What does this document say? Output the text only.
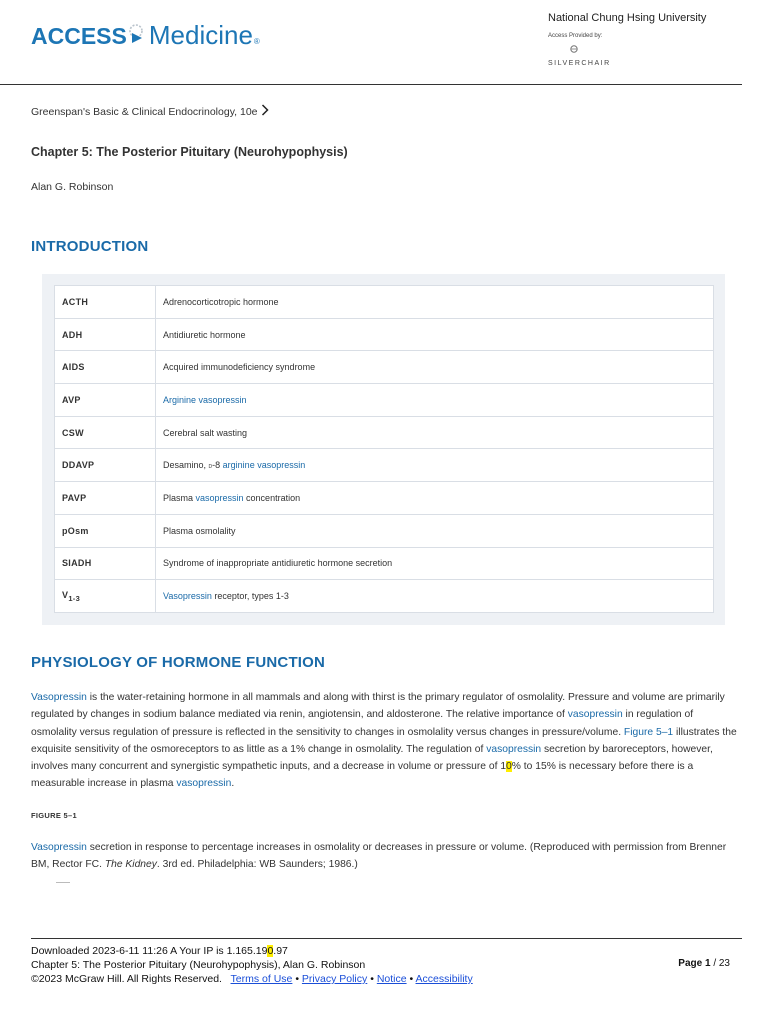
ACCESS Medicine ®
National Chung Hsing University
Access Provided by:
SILVERCHAIR
Greenspan's Basic & Clinical Endocrinology, 10e
Chapter 5: The Posterior Pituitary (Neurohypophysis)
Alan G. Robinson
INTRODUCTION
ACTH	Adrenocorticotropic hormone
ADH	Antidiuretic hormone
AIDS	Acquired immunodeficiency syndrome
AVP	Arginine vasopressin
CSW	Cerebral salt wasting
DDAVP	Desamino, d-8 arginine vasopressin
PAVP	Plasma vasopressin concentration
pOsm	Plasma osmolality
SIADH	Syndrome of inappropriate antidiuretic hormone secretion
$V_{1-3}$	Vasopressin receptor, types 1-3
PHYSIOLOGY OF HORMONE FUNCTION
Vasopressin is the water-retaining hormone in all mammals and along with thirst is the primary regulator of osmolality. Pressure and volume are primarily regulated by changes in sodium balance mediated via renin, angiotensin, and aldosterone. The relative importance of vasopressin in regulation of osmolality versus regulation of pressure is reflected in the sensitivity to changes in osmolality versus changes in pressure/volume. Figure 5–1 illustrates the exquisite sensitivity of the osmoreceptors to as little as a 1% change in osmolality. The regulation of vasopressin secretion by baroreceptors, however, involves many concurrent and synergistic sympathetic inputs, and a decrease in volume or pressure of 10% to 15% is necessary before there is a measurable increase in plasma vasopressin.
FIGURE 5–1
Vasopressin secretion in response to percentage increases in osmolality or decreases in pressure or volume. (Reproduced with permission from Brenner BM, Rector FC. The Kidney. 3rd ed. Philadelphia: WB Saunders; 1986.)
Downloaded 2023-6-11 11:26 A Your IP is 1.165.190.97
Chapter 5: The Posterior Pituitary (Neurohypophysis), Alan G. Robinson
©2023 McGraw Hill. All Rights Reserved. Terms of Use • Privacy Policy • Notice • Accessibility
Page 1 / 23
